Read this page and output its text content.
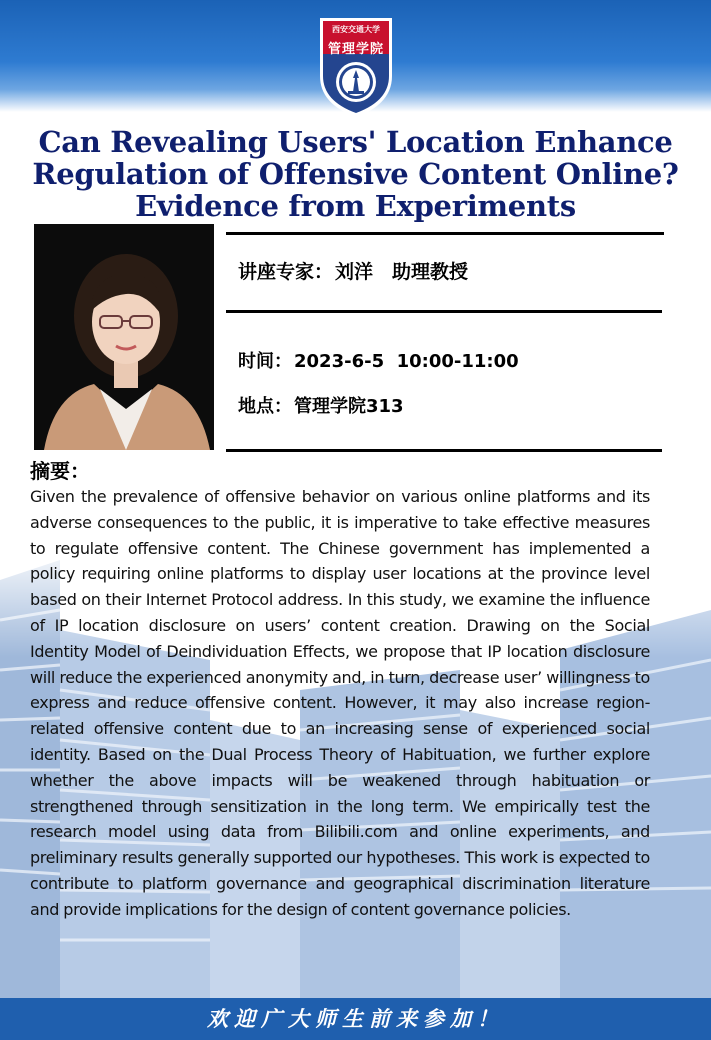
西安交通大学
管理学院
Can Revealing Users' Location Enhance
Regulation of Offensive Content Online?
Evidence from Experiments
讲座专家： 刘洋　助理教授
时间： 2023-6-5  10:00-11:00
地点： 管理学院313
摘要：
Given the prevalence of offensive behavior on various online platforms and its adverse consequences to the public, it is imperative to take effective measures to regulate offensive content. The Chinese government has implemented a policy requiring online platforms to display user locations at the province level based on their Internet Protocol address. In this study, we examine the influence of IP location disclosure on users’ content creation. Drawing on the Social Identity Model of Deindividuation Effects, we propose that IP location disclosure will reduce the experienced anonymity and, in turn, decrease user’ willingness to express and reduce offensive content. However, it may also increase region-related offensive content due to an increasing sense of experienced social identity. Based on the Dual Process Theory of Habituation, we further explore whether the above impacts will be weakened through habituation or strengthened through sensitization in the long term. We empirically test the research model using data from Bilibili.com and online experiments, and preliminary results generally supported our hypotheses. This work is expected to contribute to platform governance and geographical discrimination literature and provide implications for the design of content governance policies.
欢迎广大师生前来参加！
